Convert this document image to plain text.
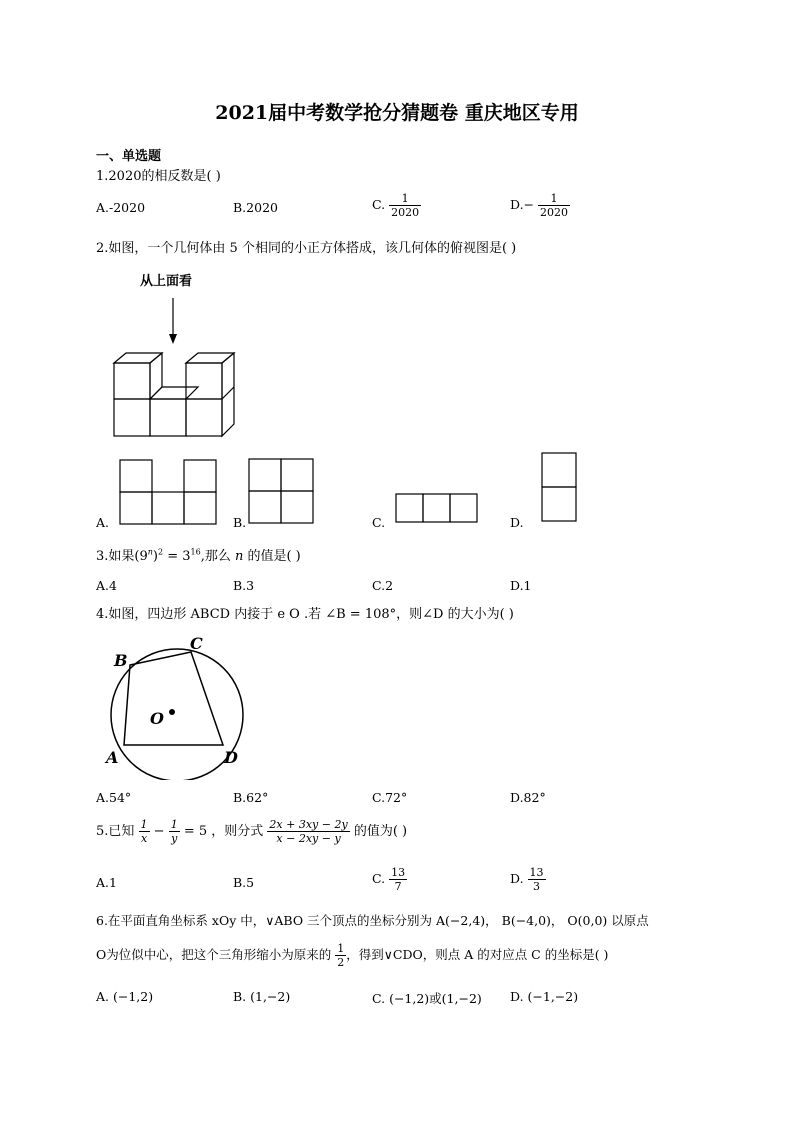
2021届中考数学抢分猜题卷 重庆地区专用
一、单选题
1.2020的相反数是( )
A.-2020	B.2020	C. $\frac{1}{2020}$	$D.- \frac{1}{2020}$
2.如图，一个几何体由 5 个相同的小正方体搭成，该几何体的俯视图是( )
从上面看
A.	B.	C.	D.
3.如果$(9^n)^2 = 3^{16}$,那么 n 的值是( )
A.4	B.3	C.2	D.1
4.如图，四边形 ABCD 内接于 e O .若 ∠B = 108°，则∠D 的大小为( )
B
C
O
A	D
A.54°	B.62°	C.72°	D.82°
5.已知 $\frac{1}{x} - \frac{1}{y} = 5$ ，则分式 $\frac{2x + 3xy - 2y}{x - 2xy - y}$ 的值为( )
A.1	B.5	C. $\frac{13}{7}$	D. $\frac{13}{3}$
6.在平面直角坐标系 xOy 中，∨ABO 三个顶点的坐标分别为 A(−2,4)， B(−4,0)， O(0,0) 以原点
O为位似中心，把这个三角形缩小为原来的 $\frac{1}{2}$ ，得到∨CDO，则点 A 的对应点 C 的坐标是( )
A. (−1,2)	B. (1,−2)	C. (−1,2)或(1,−2) D. (−1,−2)
